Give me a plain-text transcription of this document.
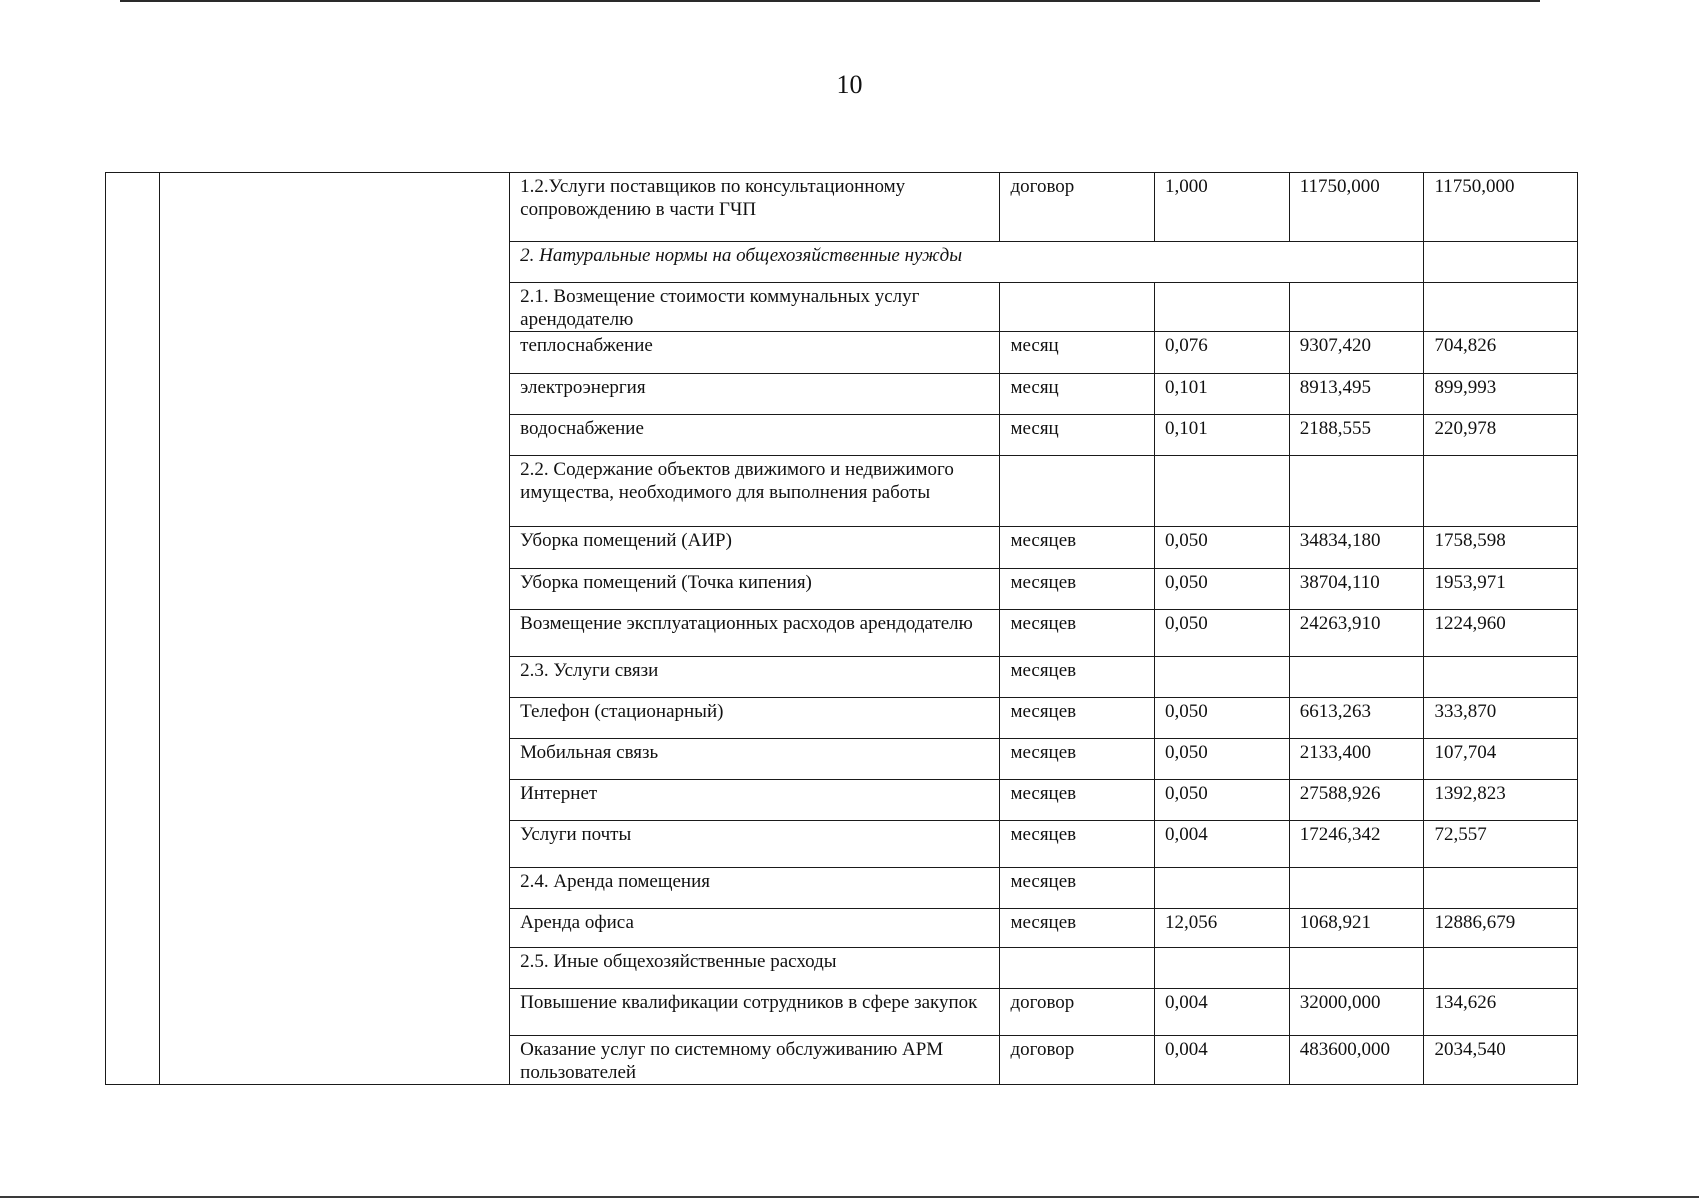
10
		1.2.Услуги поставщиков по консультационному сопровождению в части ГЧП	договор	1,000	11750,000	11750,000
		2. Натуральные нормы на общехозяйственные нужды				
		2.1. Возмещение стоимости коммунальных услуг арендодателю				
		теплоснабжение	месяц	0,076	9307,420	704,826
		электроэнергия	месяц	0,101	8913,495	899,993
		водоснабжение	месяц	0,101	2188,555	220,978
		2.2. Содержание объектов движимого и недвижимого имущества, необходимого для выполнения работы				
		Уборка помещений (АИР)	месяцев	0,050	34834,180	1758,598
		Уборка помещений (Точка кипения)	месяцев	0,050	38704,110	1953,971
		Возмещение эксплуатационных расходов арендодателю	месяцев	0,050	24263,910	1224,960
		2.3. Услуги связи	месяцев			
		Телефон (стационарный)	месяцев	0,050	6613,263	333,870
		Мобильная связь	месяцев	0,050	2133,400	107,704
		Интернет	месяцев	0,050	27588,926	1392,823
		Услуги почты	месяцев	0,004	17246,342	72,557
		2.4. Аренда помещения	месяцев			
		Аренда офиса	месяцев	12,056	1068,921	12886,679
		2.5. Иные общехозяйственные расходы				
		Повышение квалификации сотрудников в сфере закупок	договор	0,004	32000,000	134,626
		Оказание услуг по системному обслуживанию АРМ пользователей	договор	0,004	483600,000	2034,540
